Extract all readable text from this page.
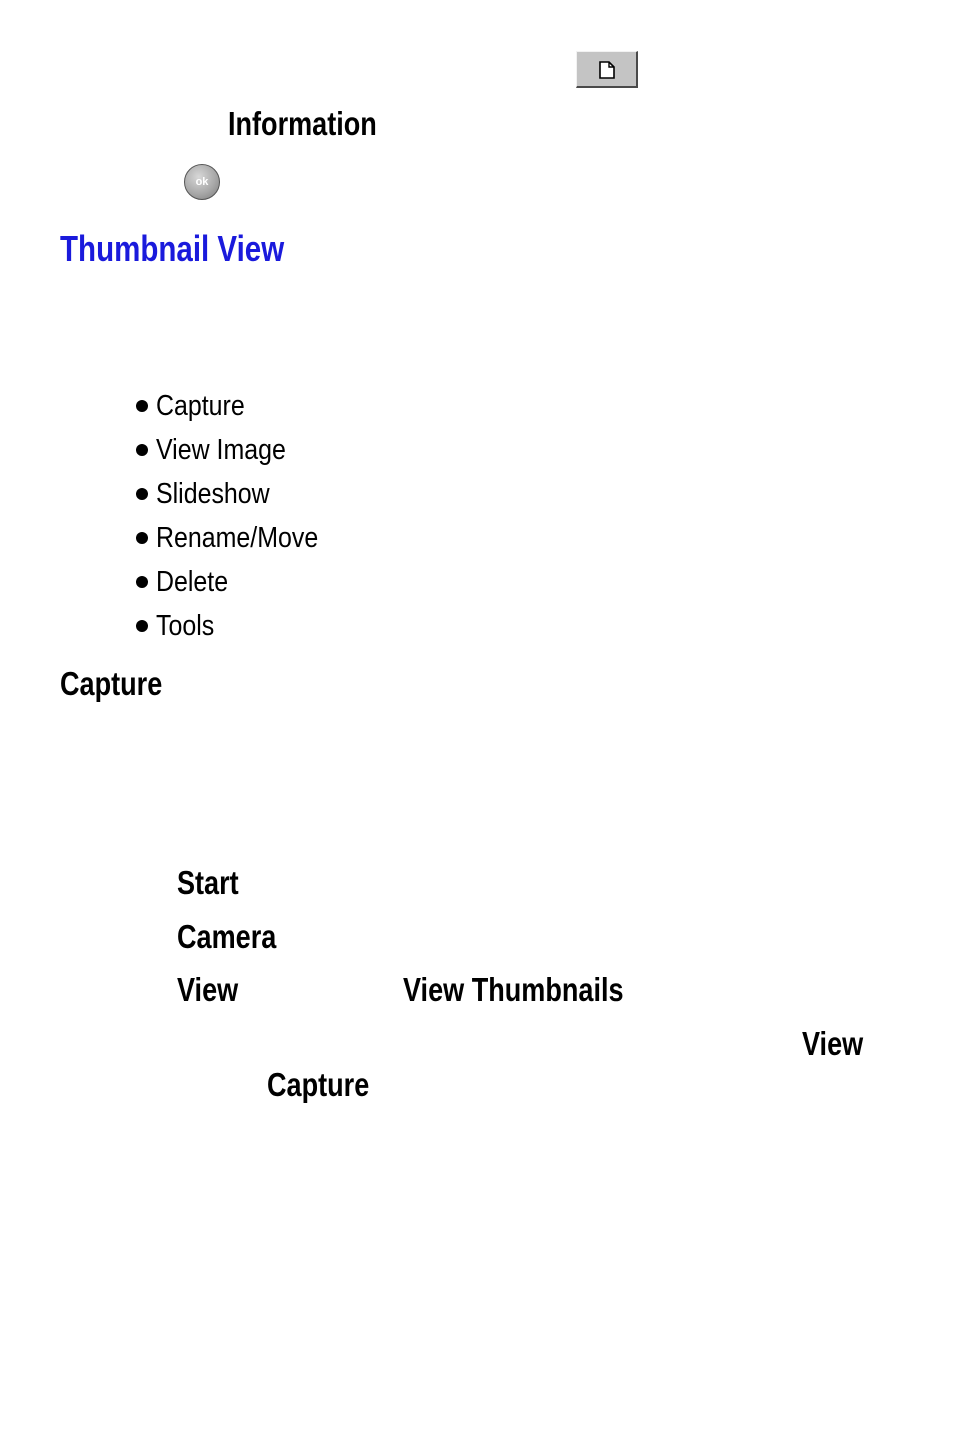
Information
ok
Thumbnail View
Capture
View Image
Slideshow
Rename/Move
Delete
Tools
Capture
Start
Camera
View	View Thumbnails
View
Capture
